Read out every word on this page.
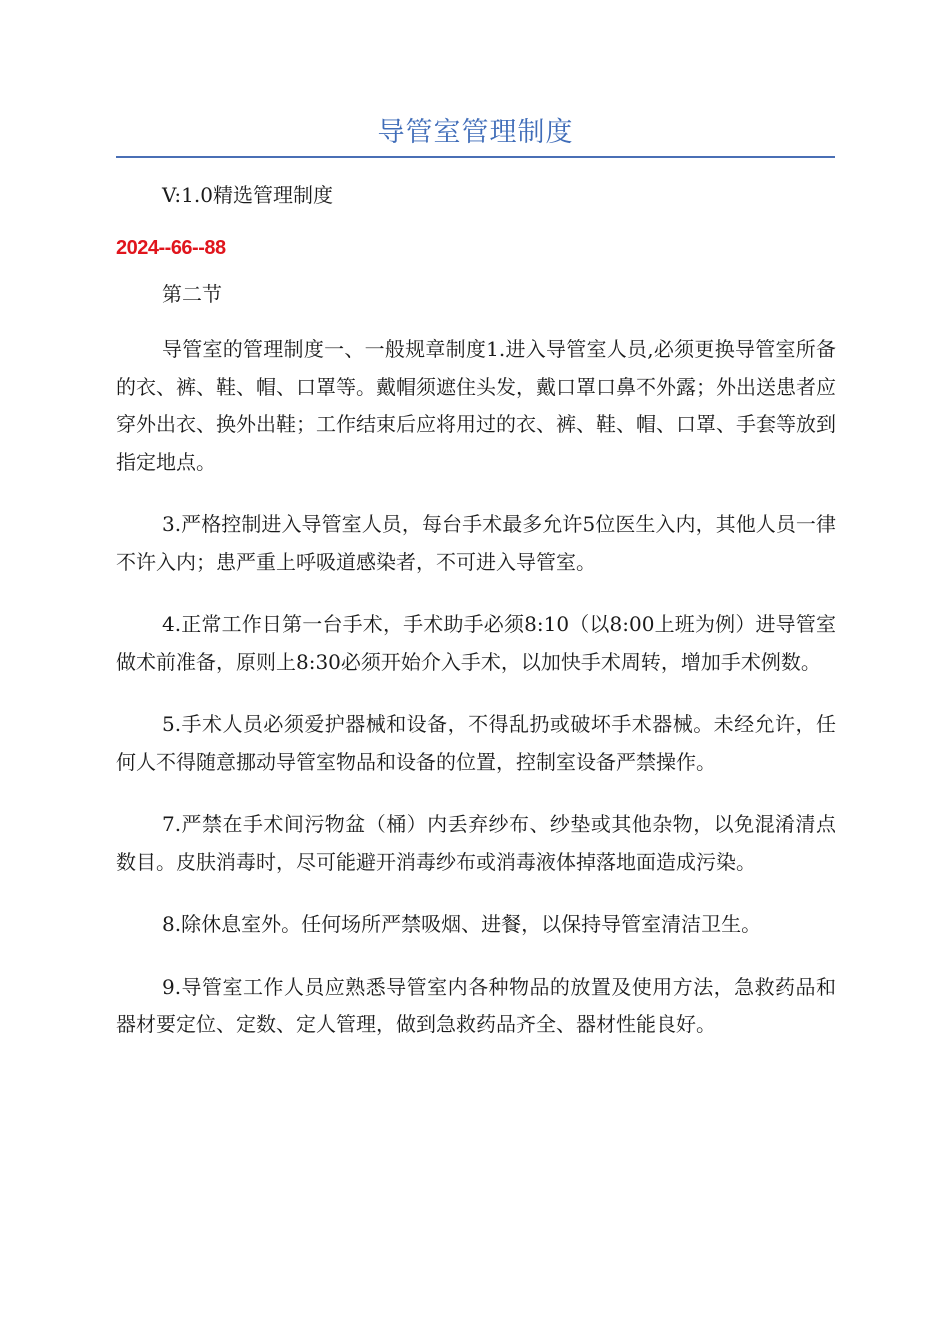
导管室管理制度

V:1.0精选管理制度

2024--66--88

第二节

导管室的管理制度一、一般规章制度1.进入导管室人员,必须更换导管室所备的衣、裤、鞋、帽、口罩等。戴帽须遮住头发，戴口罩口鼻不外露；外出送患者应穿外出衣、换外出鞋；工作结束后应将用过的衣、裤、鞋、帽、口罩、手套等放到指定地点。

3.严格控制进入导管室人员，每台手术最多允许5位医生入内，其他人员一律不许入内；患严重上呼吸道感染者，不可进入导管室。

4.正常工作日第一台手术，手术助手必须8:10（以8:00上班为例）进导管室做术前准备，原则上8:30必须开始介入手术，以加快手术周转，增加手术例数。

5.手术人员必须爱护器械和设备，不得乱扔或破坏手术器械。未经允许，任何人不得随意挪动导管室物品和设备的位置，控制室设备严禁操作。

7.严禁在手术间污物盆（桶）内丢弃纱布、纱垫或其他杂物，以免混淆清点数目。皮肤消毒时，尽可能避开消毒纱布或消毒液体掉落地面造成污染。

8.除休息室外。任何场所严禁吸烟、进餐，以保持导管室清洁卫生。

9.导管室工作人员应熟悉导管室内各种物品的放置及使用方法，急救药品和器材要定位、定数、定人管理，做到急救药品齐全、器材性能良好。
